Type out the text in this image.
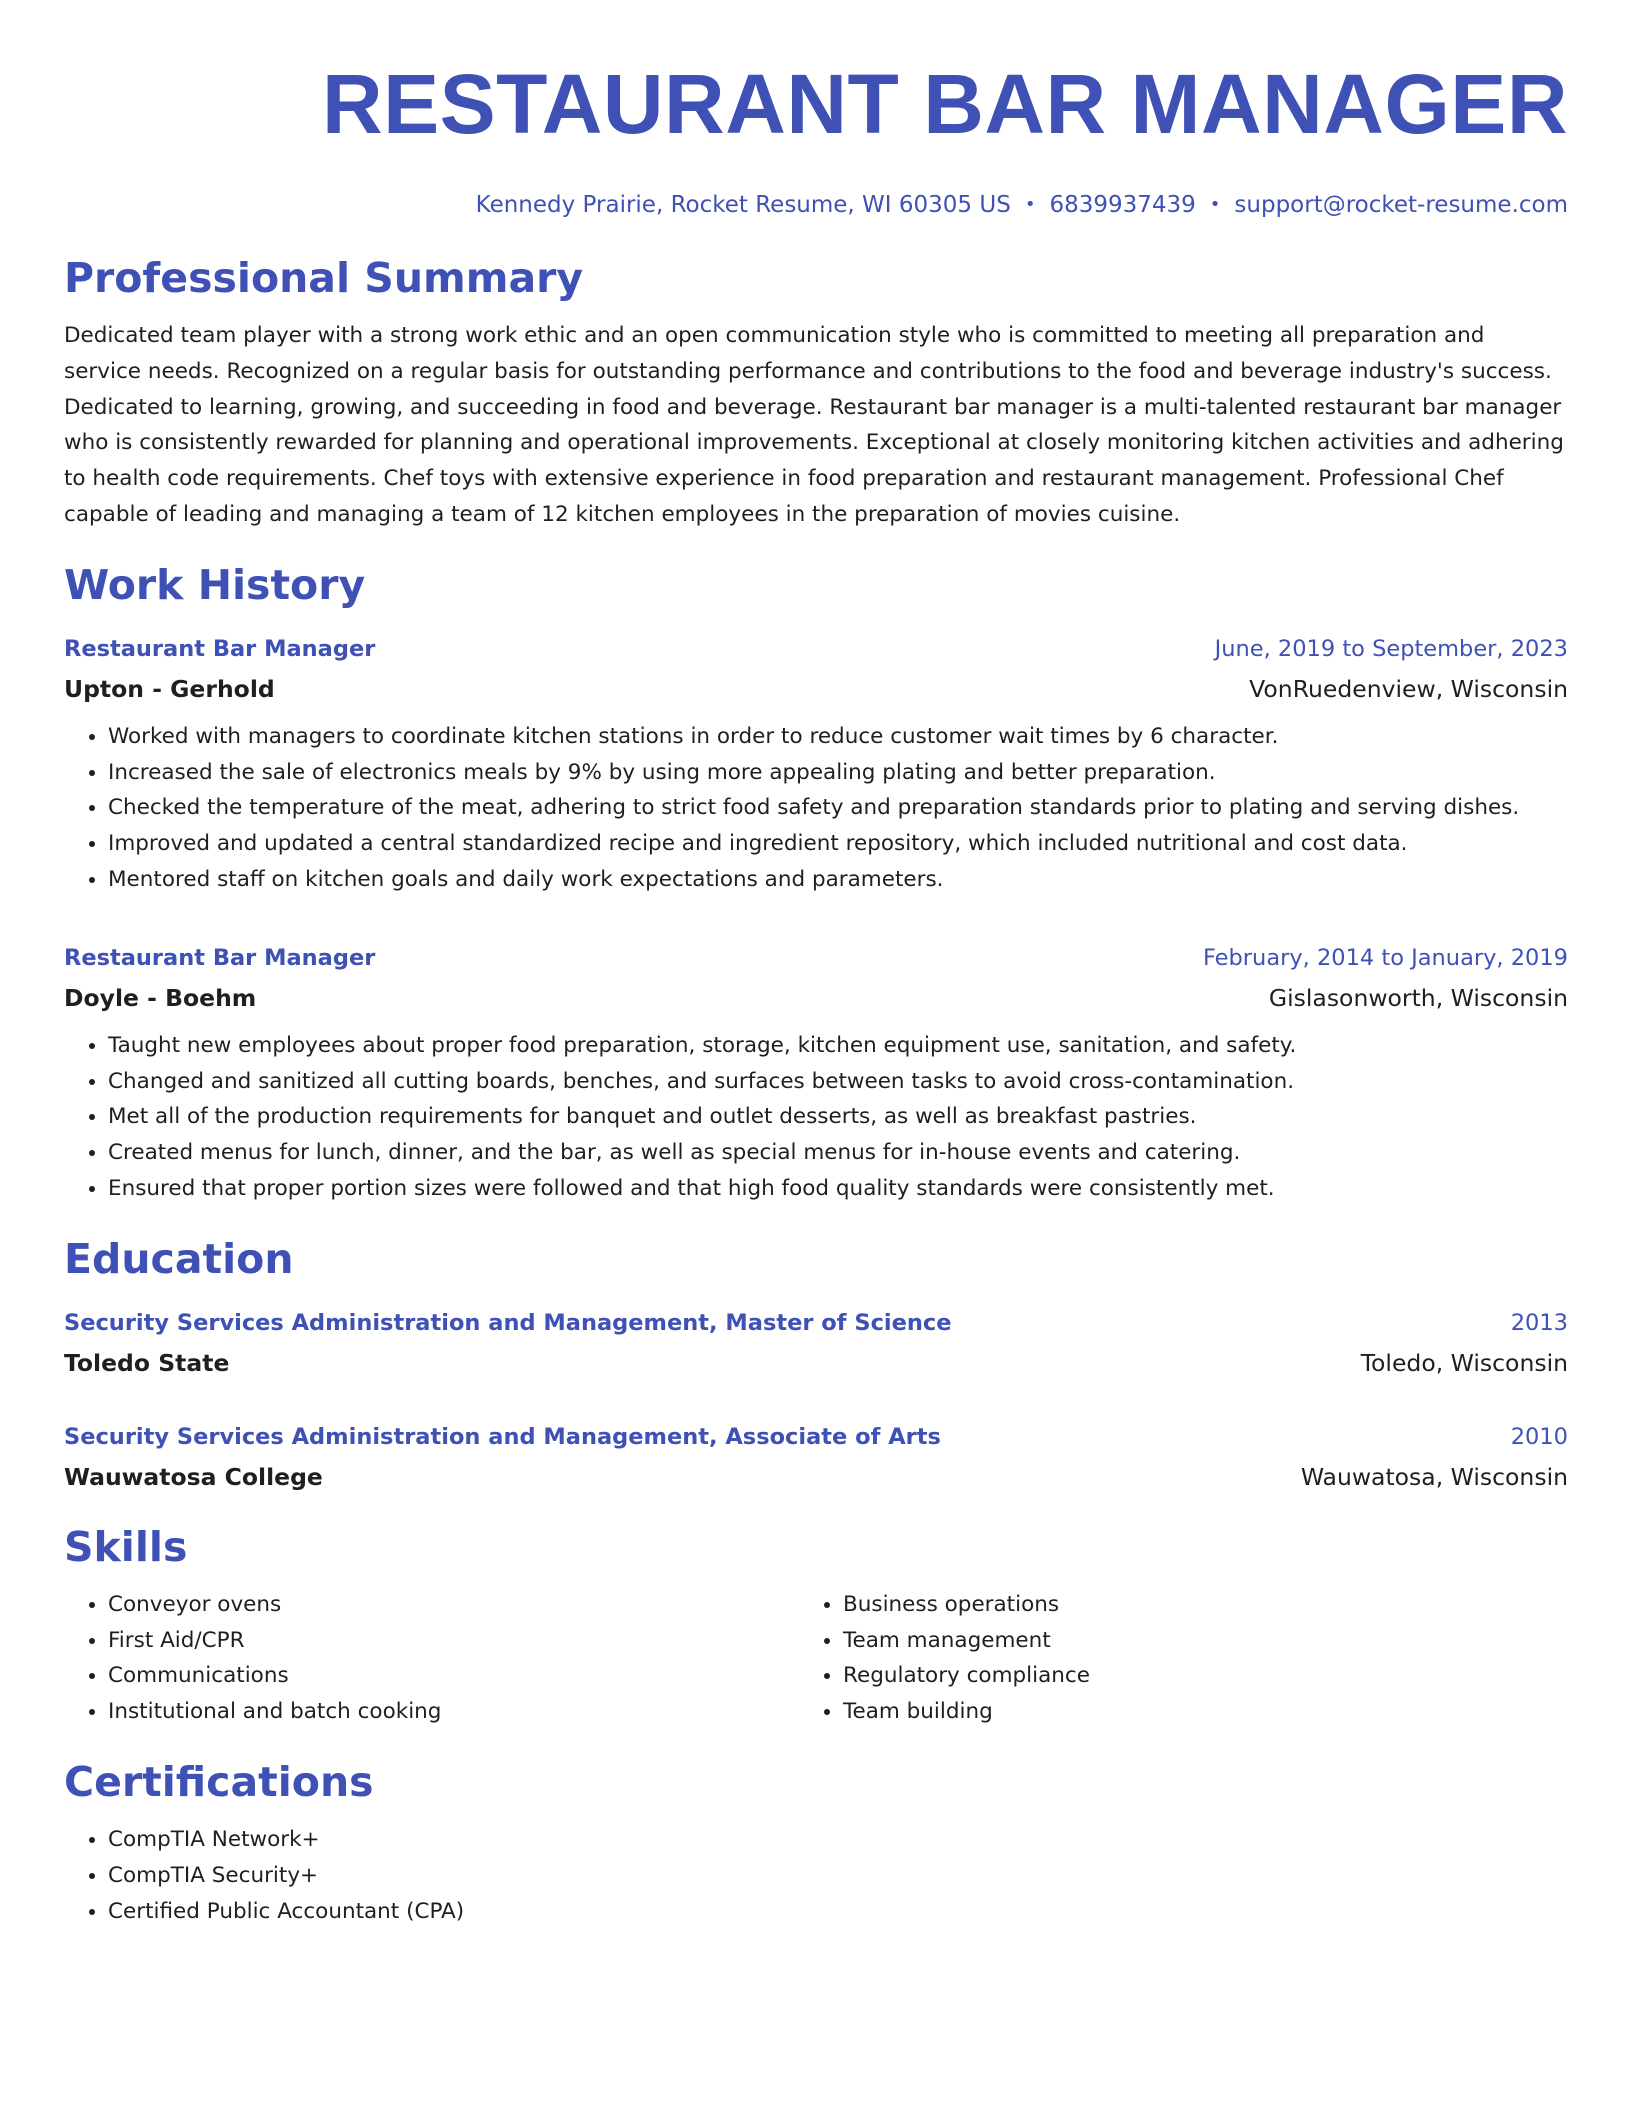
RESTAURANT BAR MANAGER
Kennedy Prairie, Rocket Resume, WI 60305 US • 6839937439 • support@rocket-resume.com
Professional Summary

Dedicated team player with a strong work ethic and an open communication style who is committed to meeting all preparation and service needs. Recognized on a regular basis for outstanding performance and contributions to the food and beverage industry's success. Dedicated to learning, growing, and succeeding in food and beverage. Restaurant bar manager is a multi-talented restaurant bar manager who is consistently rewarded for planning and operational improvements. Exceptional at closely monitoring kitchen activities and adhering to health code requirements. Chef toys with extensive experience in food preparation and restaurant management. Professional Chef capable of leading and managing a team of 12 kitchen employees in the preparation of movies cuisine.

Work History
Restaurant Bar Manager	June, 2019 to September, 2023
Upton - Gerhold	VonRuedenview, Wisconsin
• Worked with managers to coordinate kitchen stations in order to reduce customer wait times by 6 character.
• Increased the sale of electronics meals by 9% by using more appealing plating and better preparation.
• Checked the temperature of the meat, adhering to strict food safety and preparation standards prior to plating and serving dishes.
• Improved and updated a central standardized recipe and ingredient repository, which included nutritional and cost data.
• Mentored staff on kitchen goals and daily work expectations and parameters.
Restaurant Bar Manager	February, 2014 to January, 2019
Doyle - Boehm	Gislasonworth, Wisconsin
• Taught new employees about proper food preparation, storage, kitchen equipment use, sanitation, and safety.
• Changed and sanitized all cutting boards, benches, and surfaces between tasks to avoid cross-contamination.
• Met all of the production requirements for banquet and outlet desserts, as well as breakfast pastries.
• Created menus for lunch, dinner, and the bar, as well as special menus for in-house events and catering.
• Ensured that proper portion sizes were followed and that high food quality standards were consistently met.
Education
Security Services Administration and Management, Master of Science	2013
Toledo State	Toledo, Wisconsin
Security Services Administration and Management, Associate of Arts	2010
Wauwatosa College	Wauwatosa, Wisconsin
Skills
• Conveyor ovens
• First Aid/CPR
• Communications
• Institutional and batch cooking
• Business operations
• Team management
• Regulatory compliance
• Team building
Certifications
• CompTIA Network+
• CompTIA Security+
• Certified Public Accountant (CPA)
